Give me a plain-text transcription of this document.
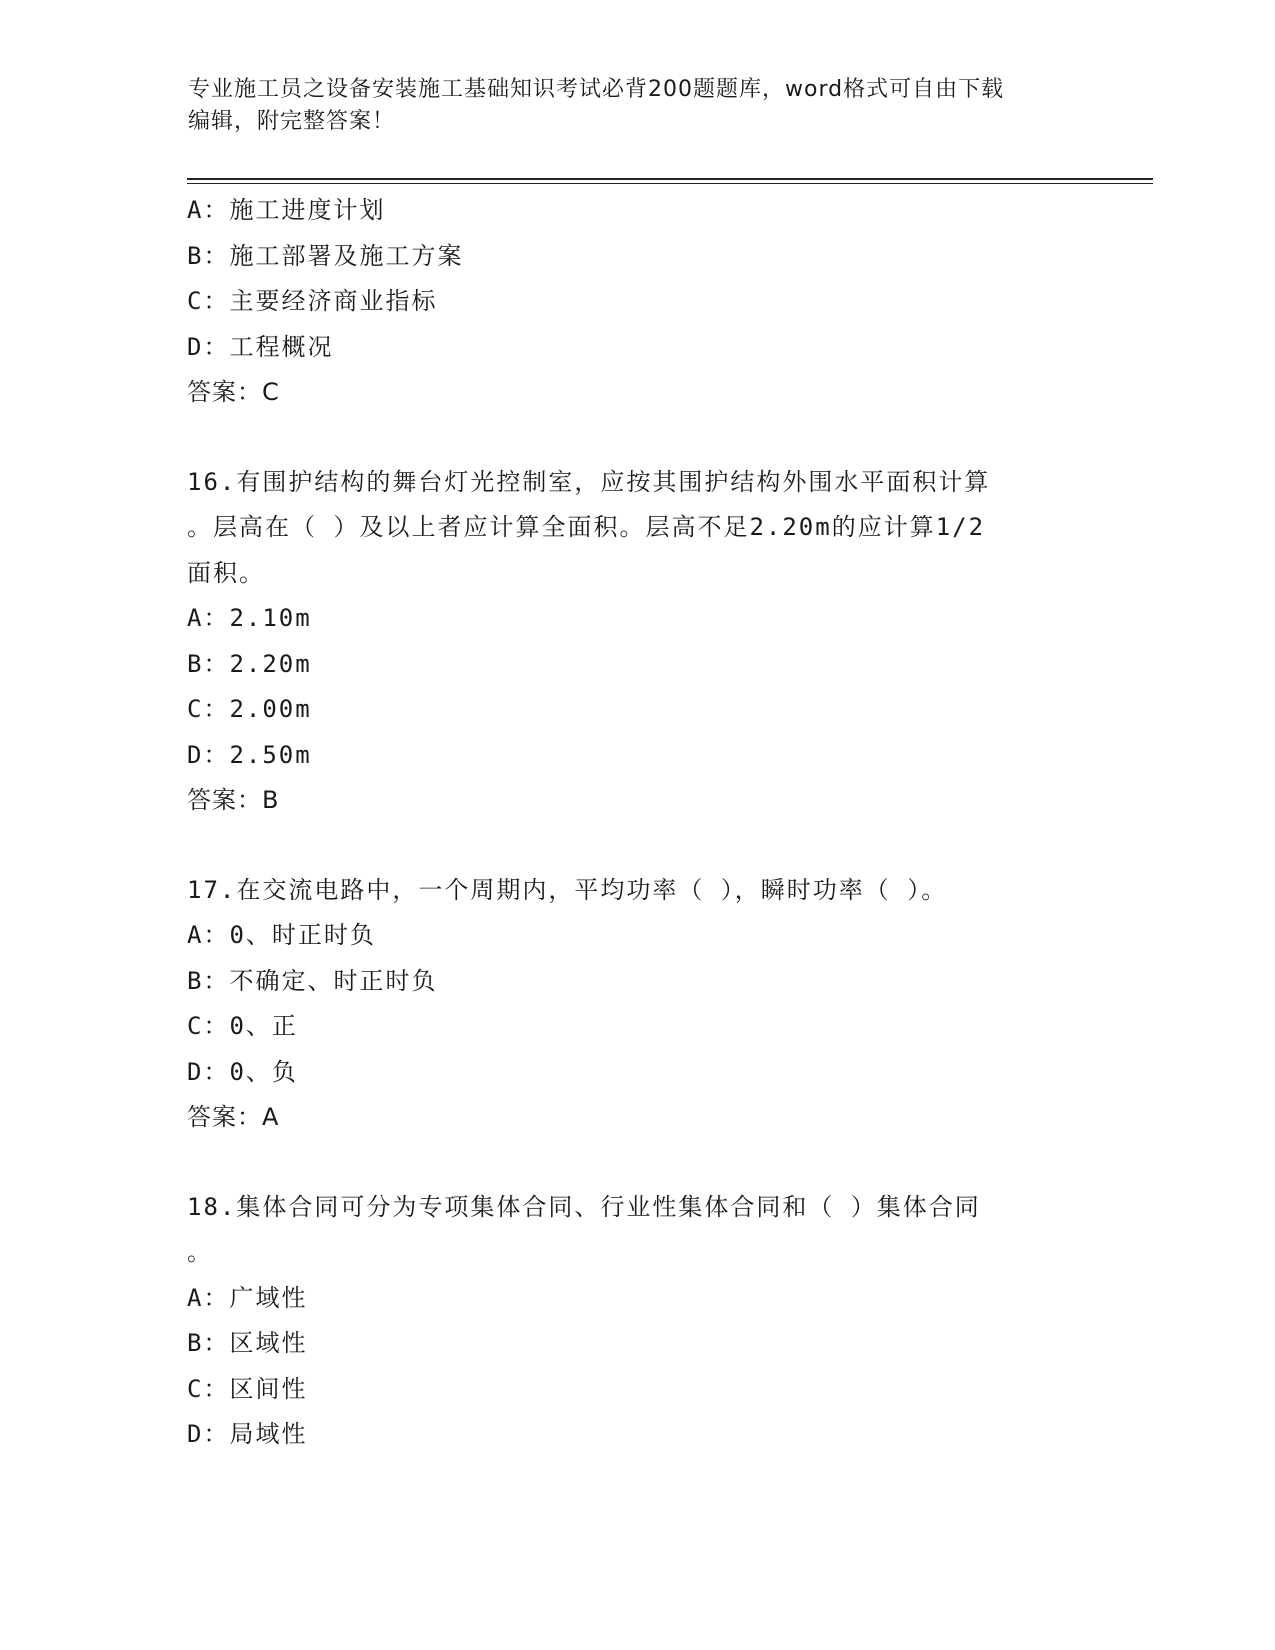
专业施工员之设备安装施工基础知识考试必背200题题库，word格式可自由下载
编辑，附完整答案！
A：施工进度计划
B：施工部署及施工方案
C：主要经济商业指标
D：工程概况
答案：C
16.有围护结构的舞台灯光控制室，应按其围护结构外围水平面积计算
。层高在（ ）及以上者应计算全面积。层高不足2.20m的应计算1/2
面积。
A：2.10m
B：2.20m
C：2.00m
D：2.50m
答案：B
17.在交流电路中，一个周期内，平均功率（ ），瞬时功率（ ）。
A：0、时正时负
B：不确定、时正时负
C：0、正
D：0、负
答案：A
18.集体合同可分为专项集体合同、行业性集体合同和（ ）集体合同
。
A：广域性
B：区域性
C：区间性
D：局域性
